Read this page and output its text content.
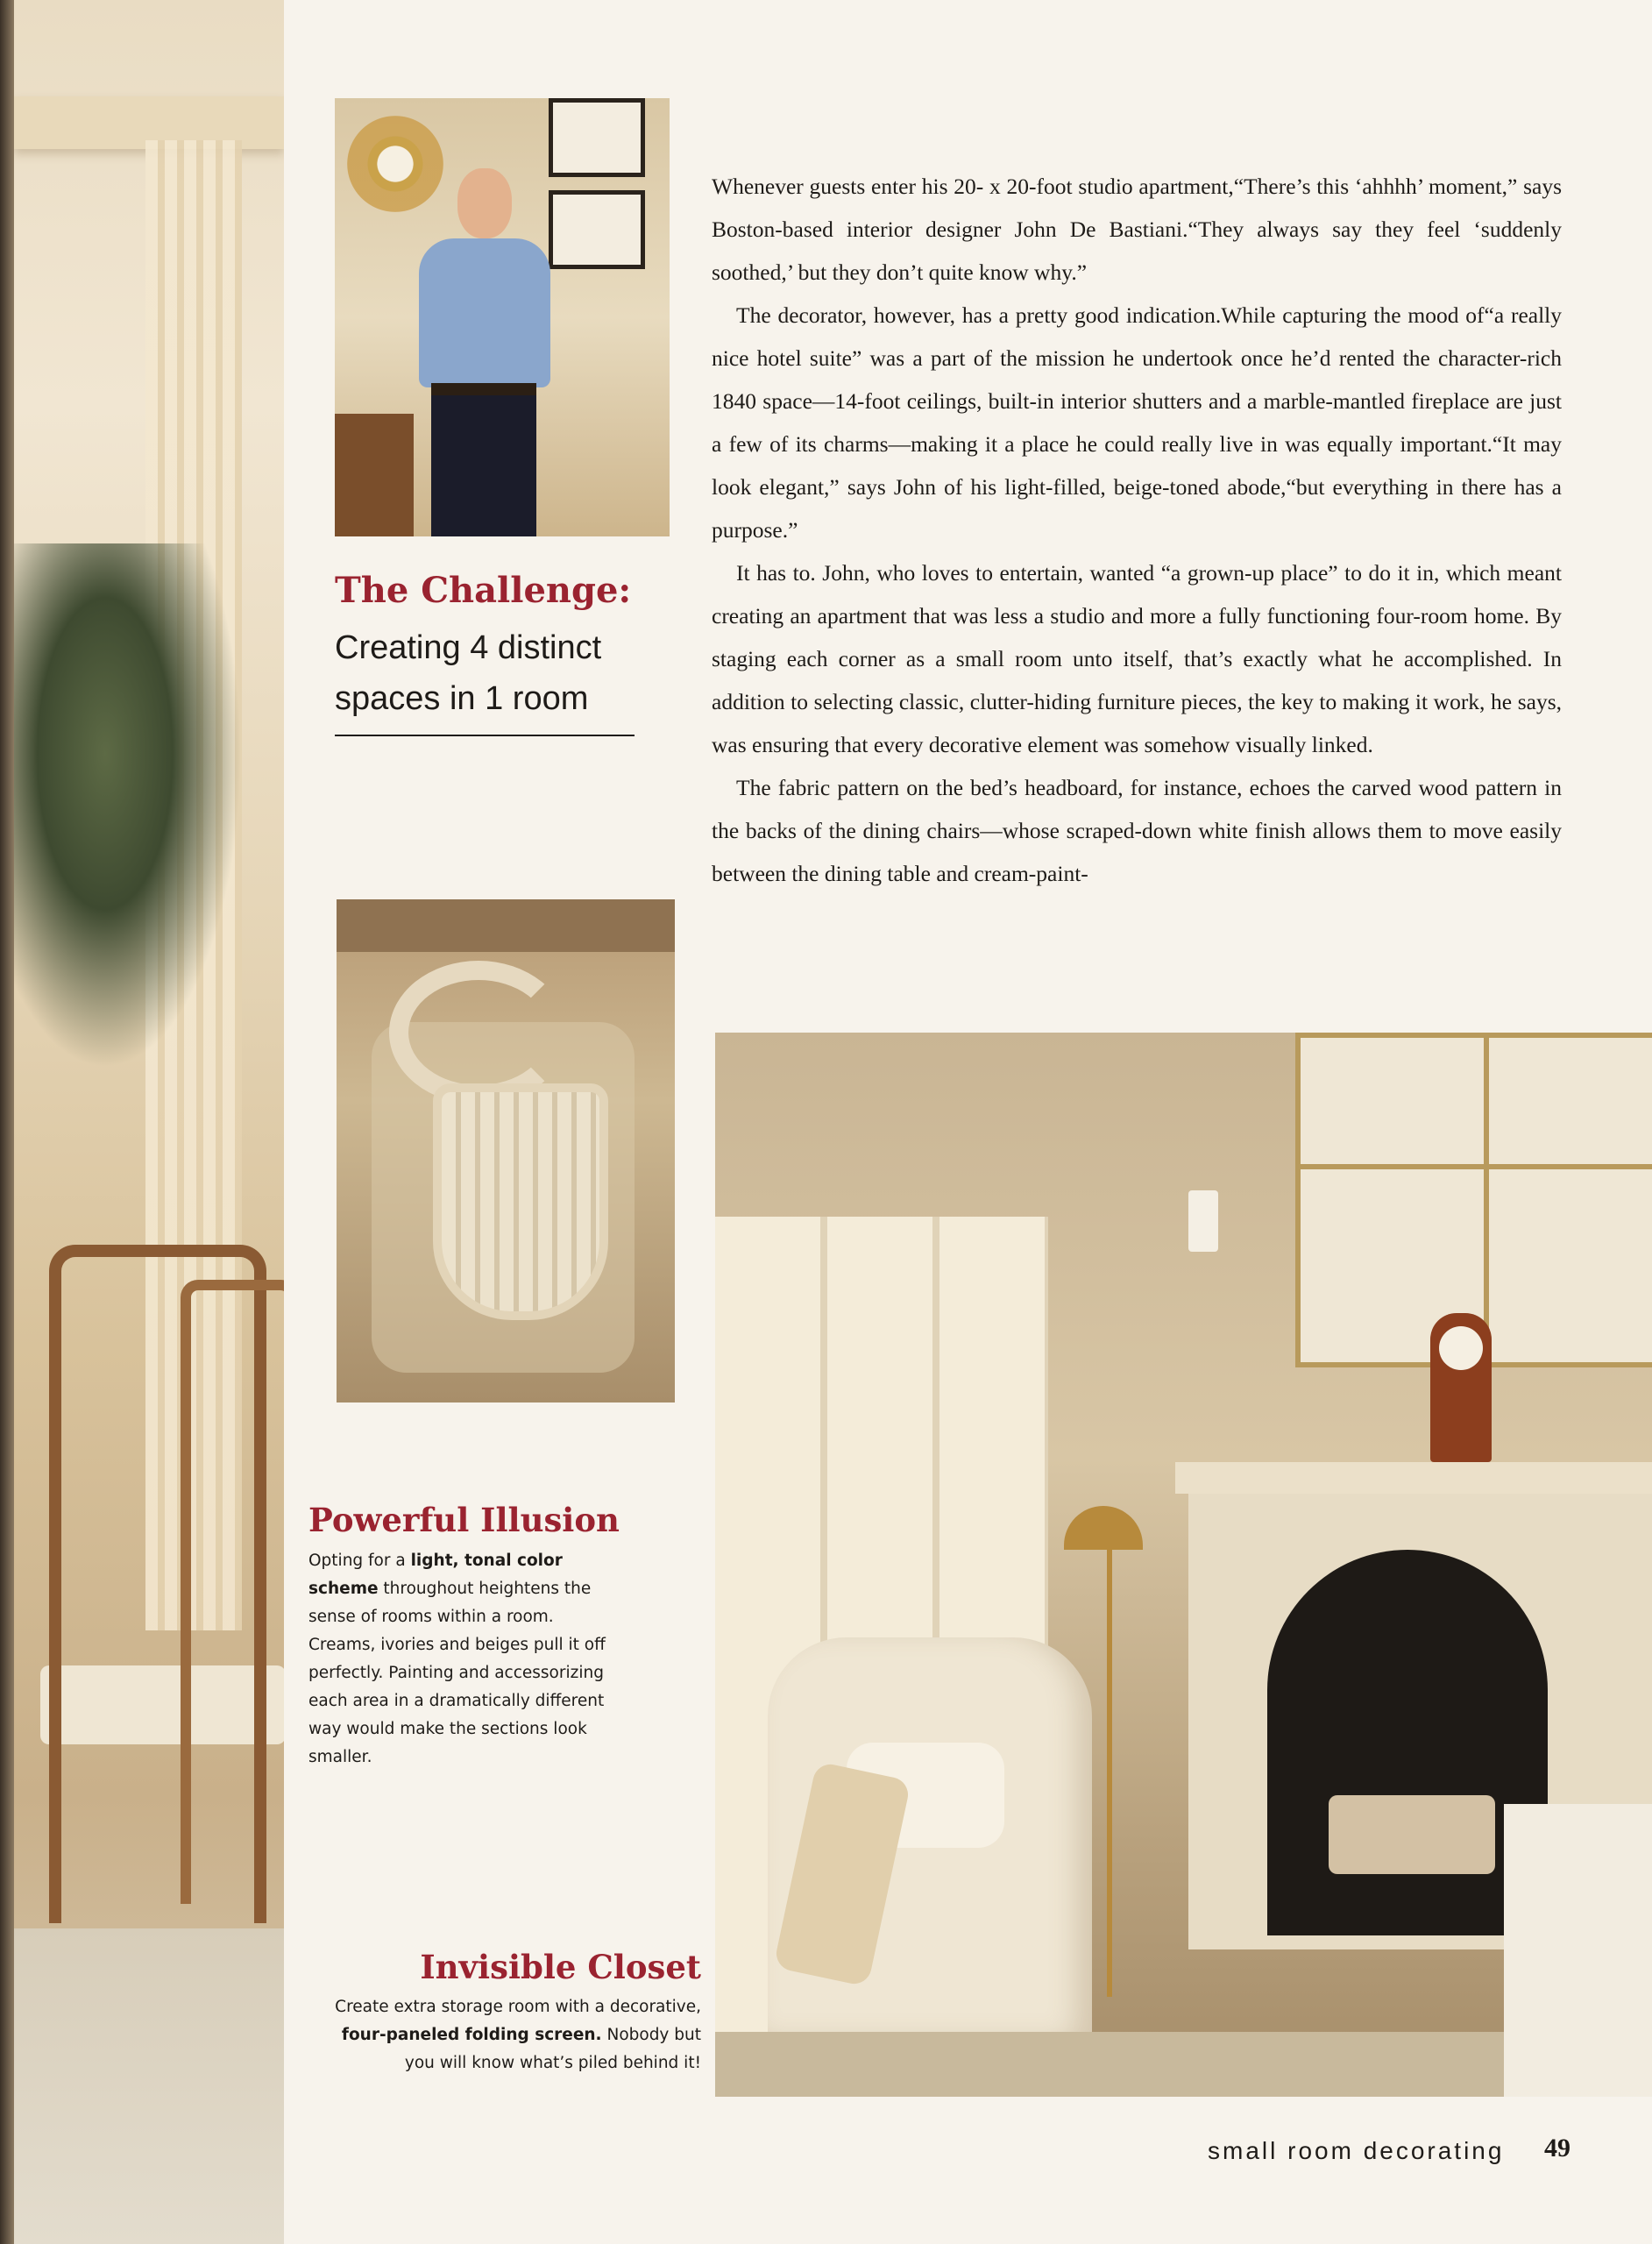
The Challenge:

Creating 4 distinct
spaces in 1 room

Whenever guests enter his 20- x 20-foot studio apartment,“There’s this ‘ahhhh’ moment,” says Boston-based interior designer John De Bastiani.“They always say they feel ‘suddenly soothed,’ but they don’t quite know why.”

The decorator, however, has a pretty good indication.While capturing the mood of“a really nice hotel suite” was a part of the mission he undertook once he’d rented the character-rich 1840 space—14-foot ceilings, built-in interior shutters and a marble-mantled fireplace are just a few of its charms—making it a place he could really live in was equally important.“It may look elegant,” says John of his light-filled, beige-toned abode,“but everything in there has a purpose.”

It has to. John, who loves to entertain, wanted “a grown-up place” to do it in, which meant creating an apartment that was less a studio and more a fully functioning four-room home. By staging each corner as a small room unto itself, that’s exactly what he accomplished. In addition to selecting classic, clutter-hiding furniture pieces, the key to making it work, he says, was ensuring that every decorative element was somehow visually linked.

The fabric pattern on the bed’s headboard, for instance, echoes the carved wood pattern in the backs of the dining chairs—whose scraped-down white finish allows them to move easily between the dining table and cream-paint-

Powerful Illusion

Opting for a light, tonal color scheme throughout heightens the sense of rooms within a room. Creams, ivories and beiges pull it off perfectly. Painting and accessorizing each area in a dramatically different way would make the sections look smaller.

Invisible Closet

Create extra storage room with a decorative, four-paneled folding screen. Nobody but you will know what’s piled behind it!

small room decorating 49
